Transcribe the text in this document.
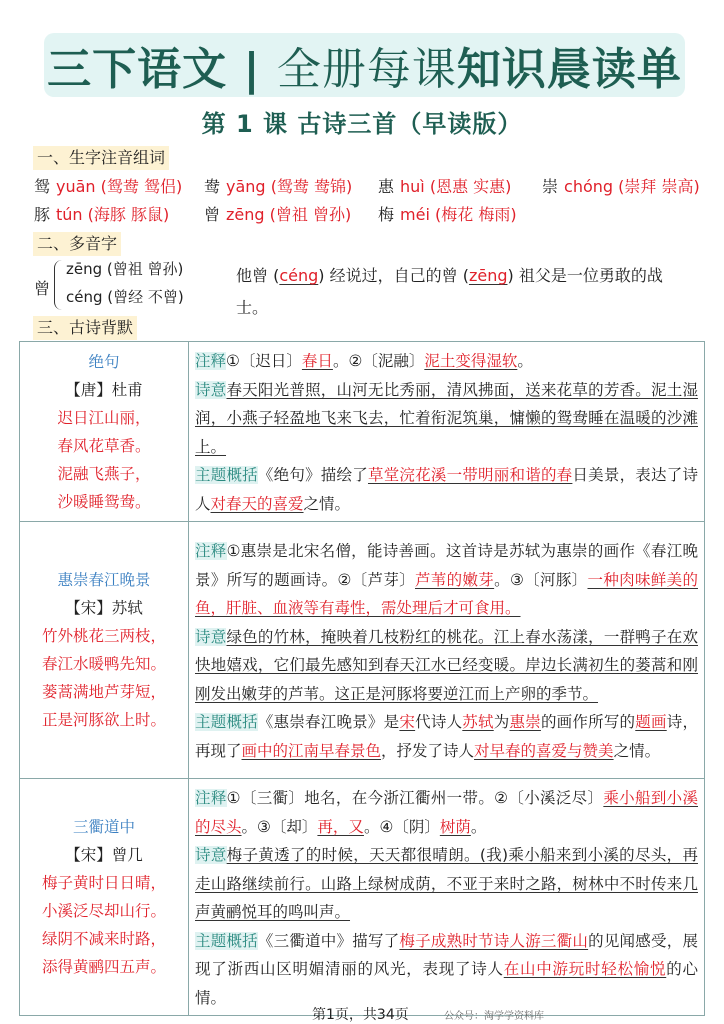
三下语文 | 全册每课知识晨读单
第 1 课 古诗三首（早读版）
一、生字注音组词
鸳 yuān (鸳鸯 鸳侣) 鸯 yāng (鸳鸯 鸯锦) 惠 huì (恩惠 实惠) 崇 chóng (崇拜 崇高)
豚 tún (海豚 豚鼠) 曾 zēng (曾祖 曾孙) 梅 méi (梅花 梅雨)
二、多音字
曾
zēng (曾祖 曾孙)
céng (曾经 不曾)
他曾 (céng) 经说过，自己的曾 (zēng) 祖父是一位勇敢的战士。
三、古诗背默
绝句
【唐】杜甫
迟日江山丽，
春风花草香。
泥融飞燕子，
沙暖睡鸳鸯。

注释①〔迟日〕春日。②〔泥融〕泥土变得湿软。
诗意春天阳光普照，山河无比秀丽，清风拂面，送来花草的芳香。泥土湿润，小燕子轻盈地飞来飞去，忙着衔泥筑巢，慵懒的鸳鸯睡在温暖的沙滩上。
主题概括《绝句》描绘了草堂浣花溪一带明丽和谐的春日美景，表达了诗人对春天的喜爱之情。

惠崇春江晚景
【宋】苏轼
竹外桃花三两枝，
春江水暖鸭先知。
蒌蒿满地芦芽短，
正是河豚欲上时。

注释①惠崇是北宋名僧，能诗善画。这首诗是苏轼为惠崇的画作《春江晚景》所写的题画诗。②〔芦芽〕芦苇的嫩芽。③〔河豚〕一种肉味鲜美的鱼，肝脏、血液等有毒性，需处理后才可食用。
诗意绿色的竹林，掩映着几枝粉红的桃花。江上春水荡漾，一群鸭子在欢快地嬉戏，它们最先感知到春天江水已经变暖。岸边长满初生的蒌蒿和刚刚发出嫩芽的芦苇。这正是河豚将要逆江而上产卵的季节。
主题概括《惠崇春江晚景》是宋代诗人苏轼为惠崇的画作所写的题画诗，再现了画中的江南早春景色，抒发了诗人对早春的喜爱与赞美之情。

三衢道中
【宋】曾几
梅子黄时日日晴，
小溪泛尽却山行。
绿阴不减来时路，
添得黄鹂四五声。

注释①〔三衢〕地名，在今浙江衢州一带。②〔小溪泛尽〕乘小船到小溪的尽头。③〔却〕再，又。④〔阴〕树荫。
诗意梅子黄透了的时候，天天都很晴朗。(我)乘小船来到小溪的尽头，再走山路继续前行。山路上绿树成荫，不亚于来时之路，树林中不时传来几声黄鹂悦耳的鸣叫声。
主题概括《三衢道中》描写了梅子成熟时节诗人游三衢山的见闻感受，展现了浙西山区明媚清丽的风光，表现了诗人在山中游玩时轻松愉悦的心情。
第1页，共34页	公众号：淘学学资料库
